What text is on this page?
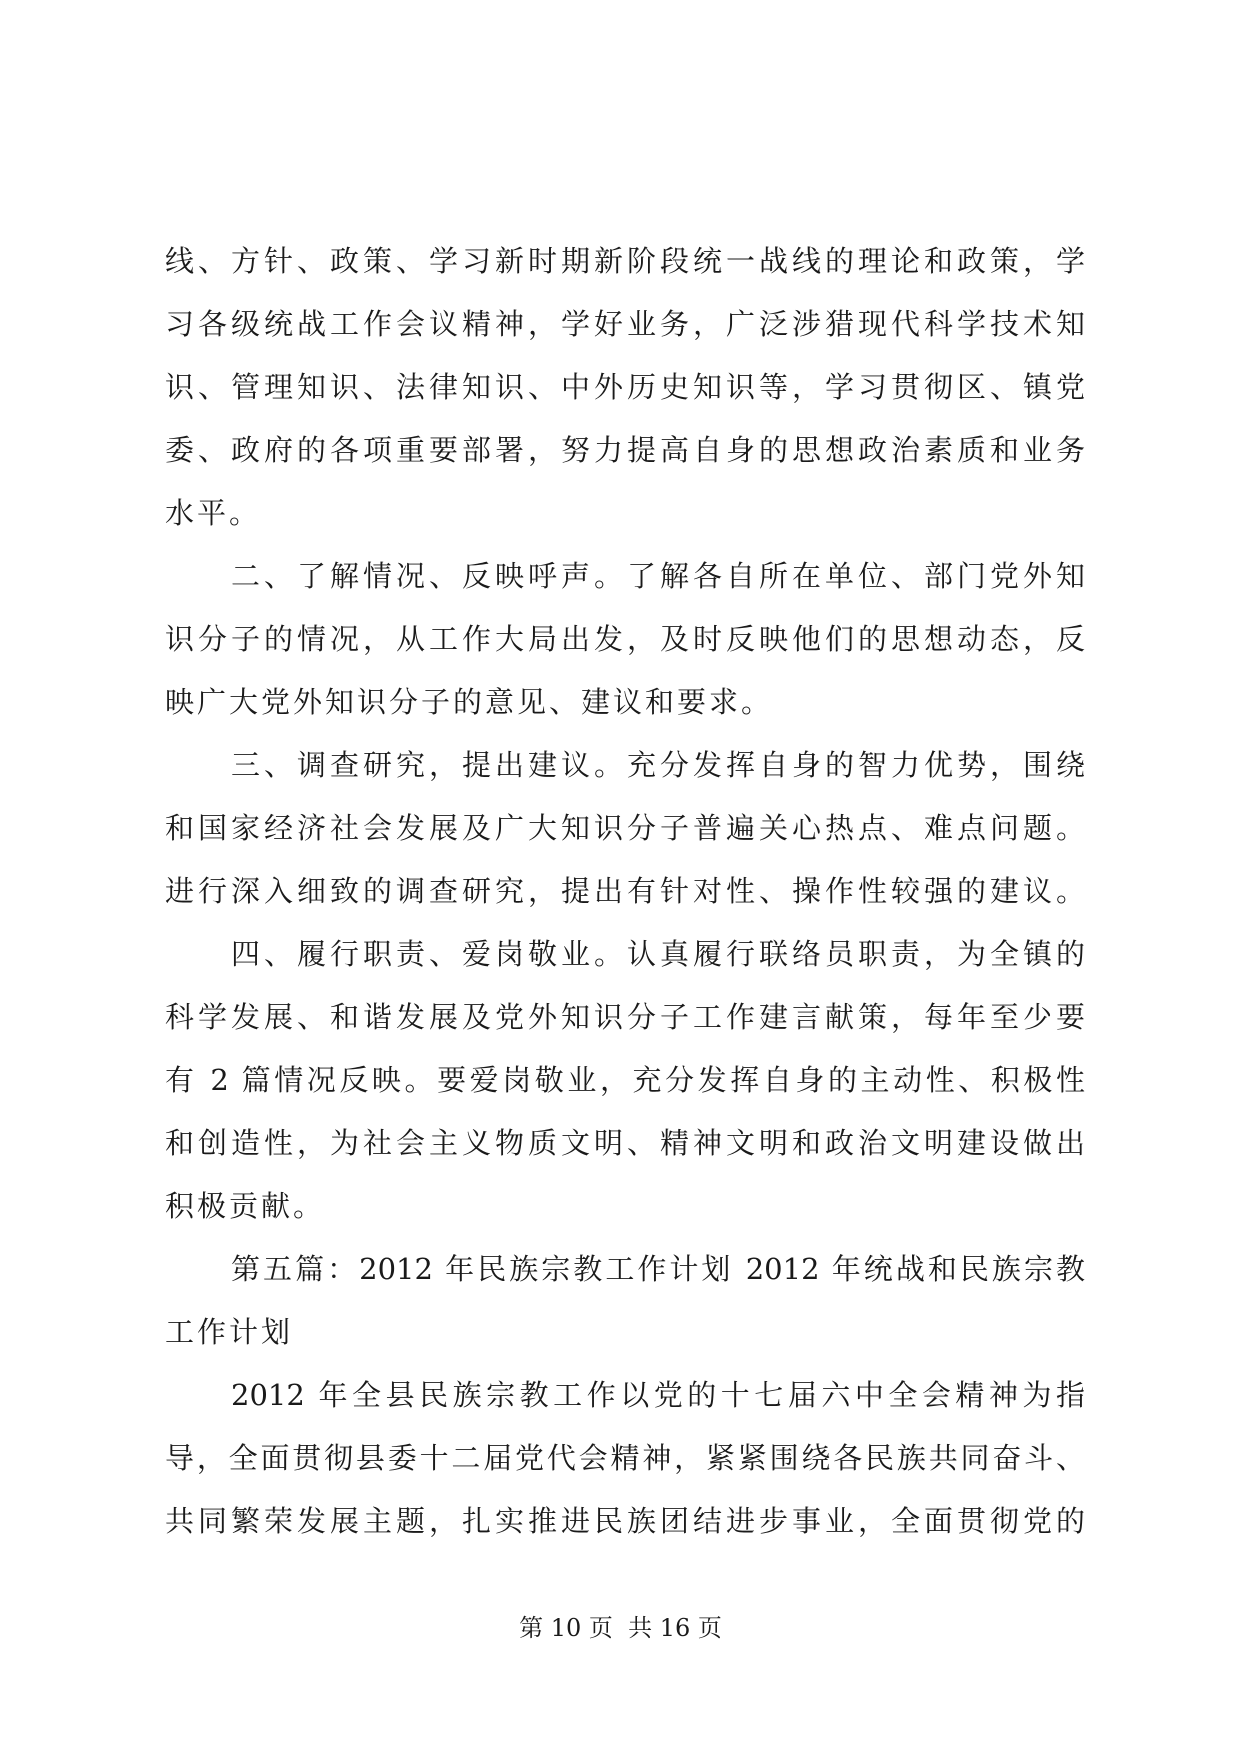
线、方针、政策、学习新时期新阶段统一战线的理论和政策，学
习各级统战工作会议精神，学好业务，广泛涉猎现代科学技术知
识、管理知识、法律知识、中外历史知识等，学习贯彻区、镇党
委、政府的各项重要部署，努力提高自身的思想政治素质和业务
水平。
二、了解情况、反映呼声。了解各自所在单位、部门党外知
识分子的情况，从工作大局出发，及时反映他们的思想动态，反
映广大党外知识分子的意见、建议和要求。
三、调查研究，提出建议。充分发挥自身的智力优势，围绕
和国家经济社会发展及广大知识分子普遍关心热点、难点问题。
进行深入细致的调查研究，提出有针对性、操作性较强的建议。
四、履行职责、爱岗敬业。认真履行联络员职责，为全镇的
科学发展、和谐发展及党外知识分子工作建言献策，每年至少要
有 2 篇情况反映。要爱岗敬业，充分发挥自身的主动性、积极性
和创造性，为社会主义物质文明、精神文明和政治文明建设做出
积极贡献。
第五篇：2012 年民族宗教工作计划 2012 年统战和民族宗教
工作计划
2012 年全县民族宗教工作以党的十七届六中全会精神为指
导，全面贯彻县委十二届党代会精神，紧紧围绕各民族共同奋斗、
共同繁荣发展主题，扎实推进民族团结进步事业，全面贯彻党的
第 10 页  共 16 页
